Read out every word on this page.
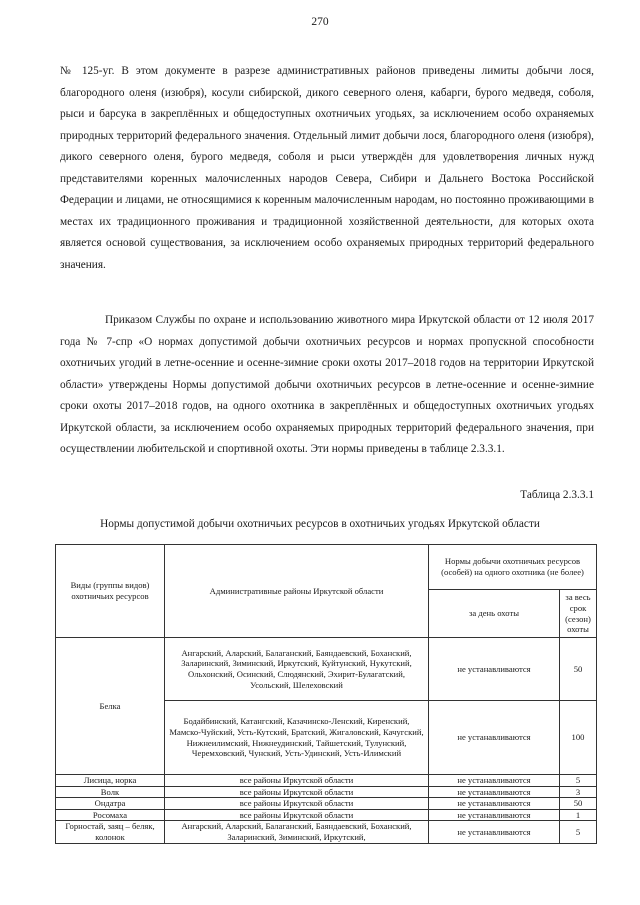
270

№ 125-уг. В этом документе в разрезе административных районов приведены лимиты добычи лося, благородного оленя (изюбря), косули сибирской, дикого северного оленя, кабарги, бурого медведя, соболя, рыси и барсука в закреплённых и общедоступных охотничьих угодьях, за исключением особо охраняемых природных территорий федерального значения. Отдельный лимит добычи лося, благородного оленя (изюбря), дикого северного оленя, бурого медведя, соболя и рыси утверждён для удовлетворения личных нужд представителями коренных малочисленных народов Севера, Сибири и Дальнего Востока Российской Федерации и лицами, не относящимися к коренным малочисленным народам, но постоянно проживающими в местах их традиционного проживания и традиционной хозяйственной деятельности, для которых охота является основой существования, за исключением особо охраняемых природных территорий федерального значения.

Приказом Службы по охране и использованию животного мира Иркутской области от 12 июля 2017 года № 7-спр «О нормах допустимой добычи охотничьих ресурсов и нормах пропускной способности охотничьих угодий в летне-осенние и осенне-зимние сроки охоты 2017–2018 годов на территории Иркутской области» утверждены Нормы допустимой добычи охотничьих ресурсов в летне-осенние и осенне-зимние сроки охоты 2017–2018 годов, на одного охотника в закреплённых и общедоступных охотничьих угодьях Иркутской области, за исключением особо охраняемых природных территорий федерального значения, при осуществлении любительской и спортивной охоты. Эти нормы приведены в таблице 2.3.3.1.

Таблица 2.3.3.1
Нормы допустимой добычи охотничьих ресурсов в охотничьих угодьях Иркутской области
Виды (группы видов) охотничьих ресурсов	Административные районы Иркутской области	Нормы добычи охотничьих ресурсов (особей) на одного охотника (не более)	
		за день охоты	за весь срок (сезон) охоты
Белка	Ангарский, Аларский, Балаганский, Баяндаевский, Боханский, Заларинский, Зиминский, Иркутский, Куйтунский, Нукутский, Ольхонский, Осинский, Слюдянский, Эхирит-Булагатский, Усольский, Шелеховский	не устанавливаются	50
	Бодайбинский, Катангский, Казачинско-Ленский, Киренский, Мамско-Чуйский, Усть-Кутский, Братский, Жигаловский, Качугский, Нижнеилимский, Нижнеудинский, Тайшетский, Тулунский, Черемховский, Чунский, Усть-Удинский, Усть-Илимский	не устанавливаются	100
Лисица, норка	все районы Иркутской области	не устанавливаются	5
Волк	все районы Иркутской области	не устанавливаются	3
Ондатра	все районы Иркутской области	не устанавливаются	50
Росомаха	все районы Иркутской области	не устанавливаются	1
Горностай, заяц – беляк, колонок	Ангарский, Аларский, Балаганский, Баяндаевский, Боханский, Заларинский, Зиминский, Иркутский,	не устанавливаются	5
